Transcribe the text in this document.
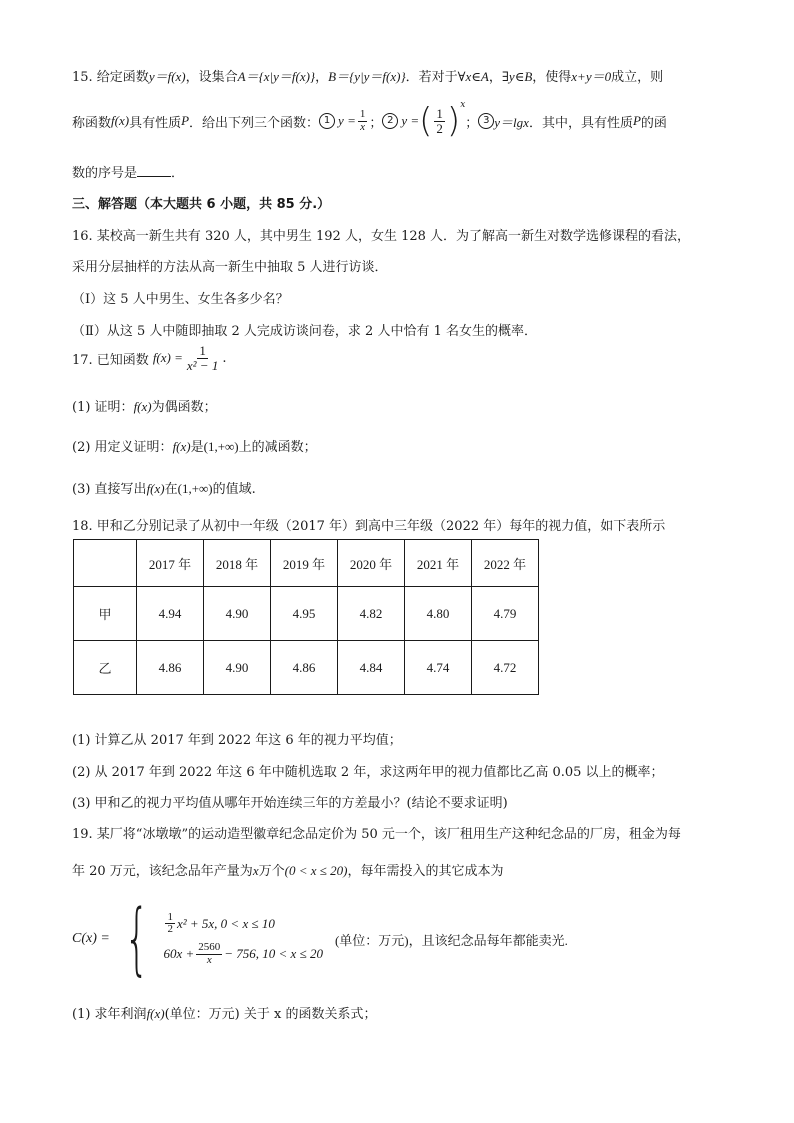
15. 给定函数y＝f(x)，设集合A＝{x|y＝f(x)}，B＝{y|y＝f(x)}．若对于∀x∈A，∃y∈B，使得x+y＝0成立，则
称函数 f(x) 具有性质 P ．给出下列三个函数： 1 $y = \frac{1}{x}$ ； 2 y = ( $\frac{1}{2}$ ) x
； 3 y＝lgx ．其中，具有性质 P 的函
数的序号是	．
三、解答题（本大题共 6 小题，共 85 分.）
16. 某校高一新生共有 320 人，其中男生 192 人，女生 128 人．为了解高一新生对数学选修课程的看法，
采用分层抽样的方法从高一新生中抽取 5 人进行访谈．
（Ⅰ）这 5 人中男生、女生各多少名？
（Ⅱ）从这 5 人中随即抽取 2 人完成访谈问卷，求 2 人中恰有 1 名女生的概率．
17. 已知函数 $f(x) = \frac{1}{\text{x² − 1}}$ .
(1) 证明：f(x)为偶函数；
(2) 用定义证明：f(x)是(1,+∞)上的减函数；
(3) 直接写出f(x)在(1,+∞)的值域.
18. 甲和乙分别记录了从初中一年级（2017 年）到高中三年级（2022 年）每年的视力值，如下表所示
	2017 年	2018 年	2019 年	2020 年	2021 年	2022 年
甲	4.94	4.90	4.95	4.82	4.80	4.79
乙	4.86	4.90	4.86	4.84	4.74	4.72
(1) 计算乙从 2017 年到 2022 年这 6 年的视力平均值；
(2) 从 2017 年到 2022 年这 6 年中随机选取 2 年，求这两年甲的视力值都比乙高 0.05 以上的概率；
(3) 甲和乙的视力平均值从哪年开始连续三年的方差最小？(结论不要求证明)
19. 某厂将“冰墩墩”的运动造型徽章纪念品定价为 50 元一个，该厂租用生产这种纪念品的厂房，租金为每
年 20 万元，该纪念品年产量为x万个(0 < x ≤ 20)，每年需投入的其它成本为
C(x) = { $\frac{1}{2} x^2 + 5x$, 0 < x ≤ 10
$60x + \frac{2560}{x} - 756$, 10 < x ≤ 20
(单位：万元)，且该纪念品每年都能卖光.
(1) 求年利润f(x)(单位：万元) 关于 x 的函数关系式；
